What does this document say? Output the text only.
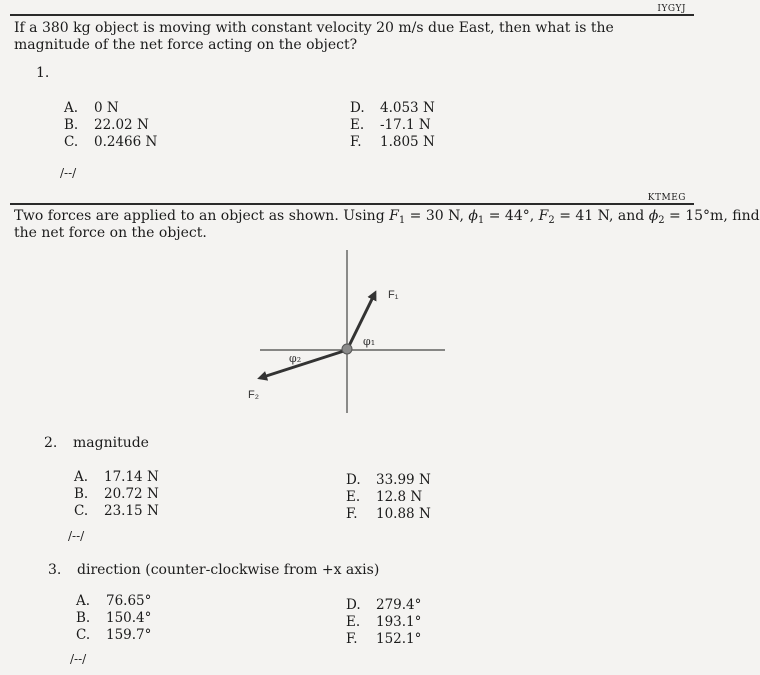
IYGYJ
If a 380 kg object is moving with constant velocity 20 m/s due East, then what is the magnitude of the net force acting on the object?
1.
A. 0 N
B. 22.02 N
C. 0.2466 N
D. 4.053 N
E. -17.1 N
F. 1.805 N
/--/
KTMEG
Two forces are applied to an object as shown. Using $F_1 = 30$ N, $\phi_1 = 44^\circ$, $F_2 = 41$ N, and $\phi_2 = 15^\circ m$, find
the net force on the object.
F₁
F₂
φ₁
φ₂
2. magnitude
A. 17.14 N
B. 20.72 N
C. 23.15 N
D. 33.99 N
E. 12.8 N
F. 10.88 N
/--/
3. direction (counter-clockwise from +x axis)
A. 76.65°
B. 150.4°
C. 159.7°
D. 279.4°
E. 193.1°
F. 152.1°
/--/
